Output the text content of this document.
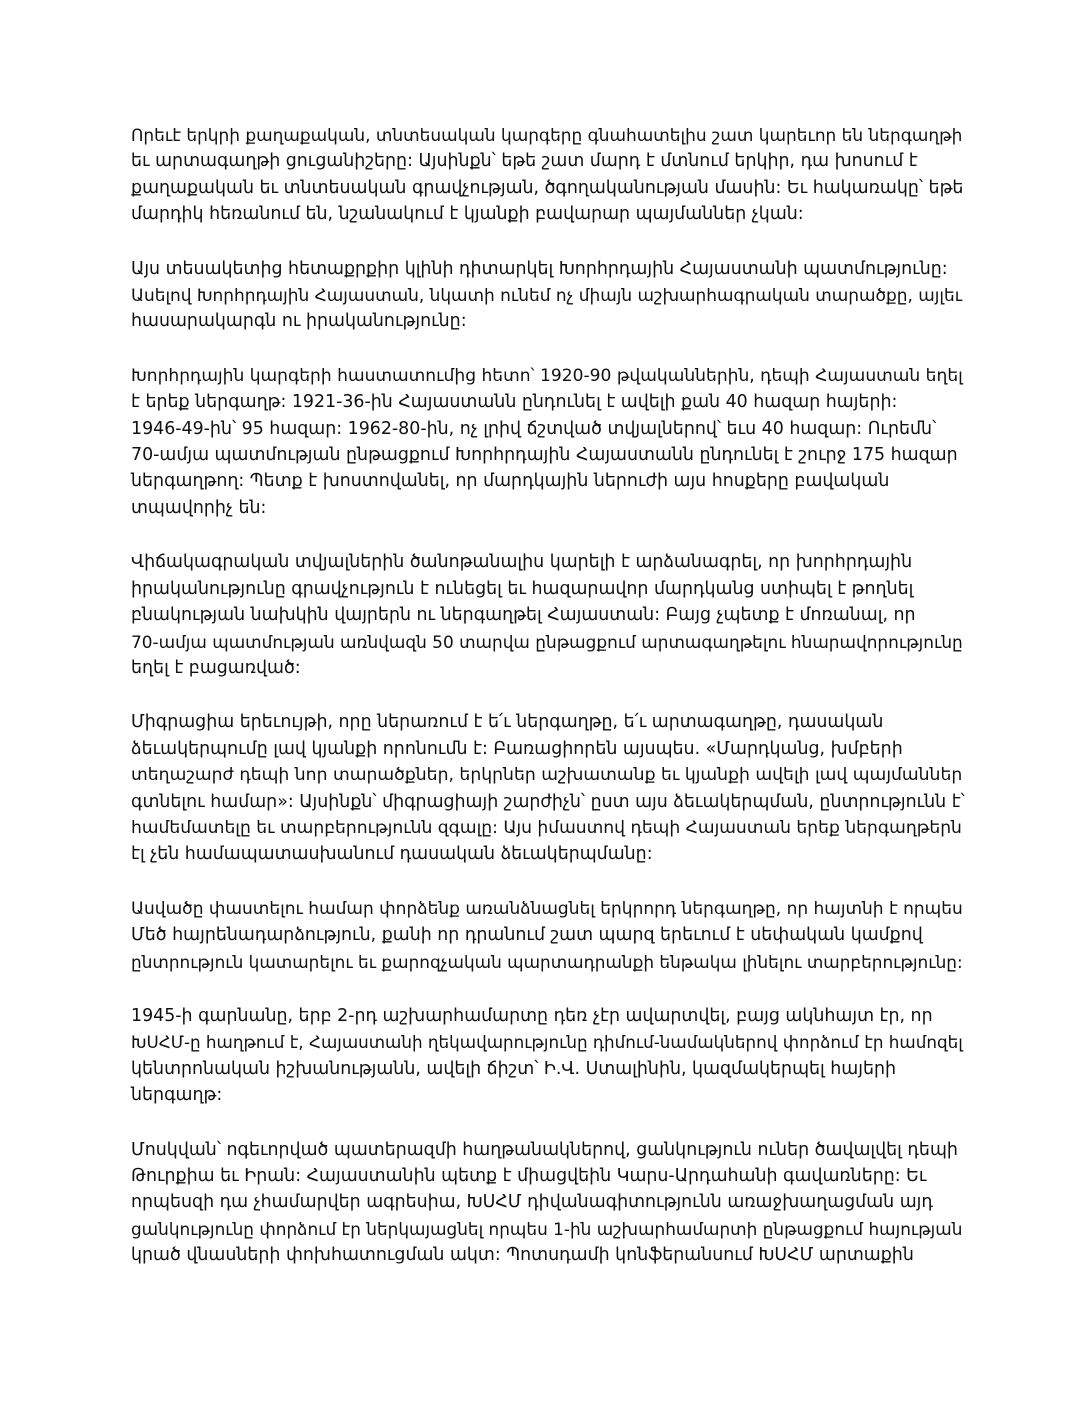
Որեւէ երկրի քաղաքական, տնտեսական կարգերը գնահատելիս շատ կարեւոր են ներգաղթի
եւ արտագաղթի ցուցանիշերը: Այսինքն՝ եթե շատ մարդ է մտնում երկիր, դա խոսում է
քաղաքական եւ տնտեսական գրավչության, ծգողականության մասին: Եւ հակառակը՝ եթե
մարդիկ հեռանում են, նշանակում է կյանքի բավարար պայմաններ չկան:

Այս տեսակետից հետաքրքիր կլինի դիտարկել Խորհրդային Հայաստանի պատմությունը:
Ասելով Խորհրդային Հայաստան, նկատի ունեմ ոչ միայն աշխարհագրական տարածքը, այլեւ
հասարակարգն ու իրականությունը:

Խորհրդային կարգերի հաստատումից հետո՝ 1920-90 թվականներին, դեպի Հայաստան եղել
է երեք ներգաղթ: 1921-36-ին Հայաստանն ընդունել է ավելի քան 40 հազար հայերի:
1946-49-ին՝ 95 հազար: 1962-80-ին, ոչ լրիվ ճշտված տվյալներով՝ եւս 40 հազար: Ուրեմն՝
70-ամյա պատմության ընթացքում Խորհրդային Հայաստանն ընդունել է շուրջ 175 հազար
ներգաղթող: Պետք է խոստովանել, որ մարդկային ներուժի այս հոսքերը բավական
տպավորիչ են:

Վիճակագրական տվյալներին ծանոթանալիս կարելի է արձանագրել, որ խորհրդային
իրականությունը գրավչություն է ունեցել եւ հազարավոր մարդկանց ստիպել է թողնել
բնակության նախկին վայրերն ու ներգաղթել Հայաստան: Բայց չպետք է մոռանալ, որ
70-ամյա պատմության առնվազն 50 տարվա ընթացքում արտագաղթելու հնարավորությունը
եղել է բացառված:

Միգրացիա երեւույթի, որը ներառում է ե՛ւ ներգաղթը, ե՛ւ արտագաղթը, դասական
ձեւակերպումը լավ կյանքի որոնումն է: Բառացիորեն այսպես. «Մարդկանց, խմբերի
տեղաշարժ դեպի նոր տարածքներ, երկրներ աշխատանք եւ կյանքի ավելի լավ պայմաններ
գտնելու համար»: Այսինքն՝ միգրացիայի շարժիչն՝ ըստ այս ձեւակերպման, ընտրությունն է՝
համեմատելը եւ տարբերությունն զգալը: Այս իմաստով դեպի Հայաստան երեք ներգաղթերն
էլ չեն համապատասխանում դասական ձեւակերպմանը:

Ասվածը փաստելու համար փորձենք առանձնացնել երկրորդ ներգաղթը, որ հայտնի է որպես
Մեծ հայրենադարձություն, քանի որ դրանում շատ պարզ երեւում է սեփական կամքով
ընտրություն կատարելու եւ քարոզչական պարտադրանքի ենթակա լինելու տարբերությունը:

1945-ի գարնանը, երբ 2-րդ աշխարհամարտը դեռ չէր ավարտվել, բայց ակնհայտ էր, որ
ԽՍՀՄ-ը հաղթում է, Հայաստանի ղեկավարությունը դիմում-նամակներով փորձում էր համոզել
կենտրոնական իշխանությանն, ավելի ճիշտ՝ Ի.Վ. Ստալինին, կազմակերպել հայերի
ներգաղթ:

Մոսկվան՝ ոգեւորված պատերազմի հաղթանակներով, ցանկություն ուներ ծավալվել դեպի
Թուրքիա եւ Իրան: Հայաստանին պետք է միացվեին Կարս-Արդահանի գավառները: Եւ
որպեսզի դա չհամարվեր ագրեսիա, ԽՍՀՄ դիվանագիտությունն առաջխաղացման այդ
ցանկությունը փորձում էր ներկայացնել որպես 1-ին աշխարհամարտի ընթացքում հայության
կրած վնասների փոխհատուցման ակտ: Պոտսդամի կոնֆերանսում ԽՍՀՄ արտաքին
